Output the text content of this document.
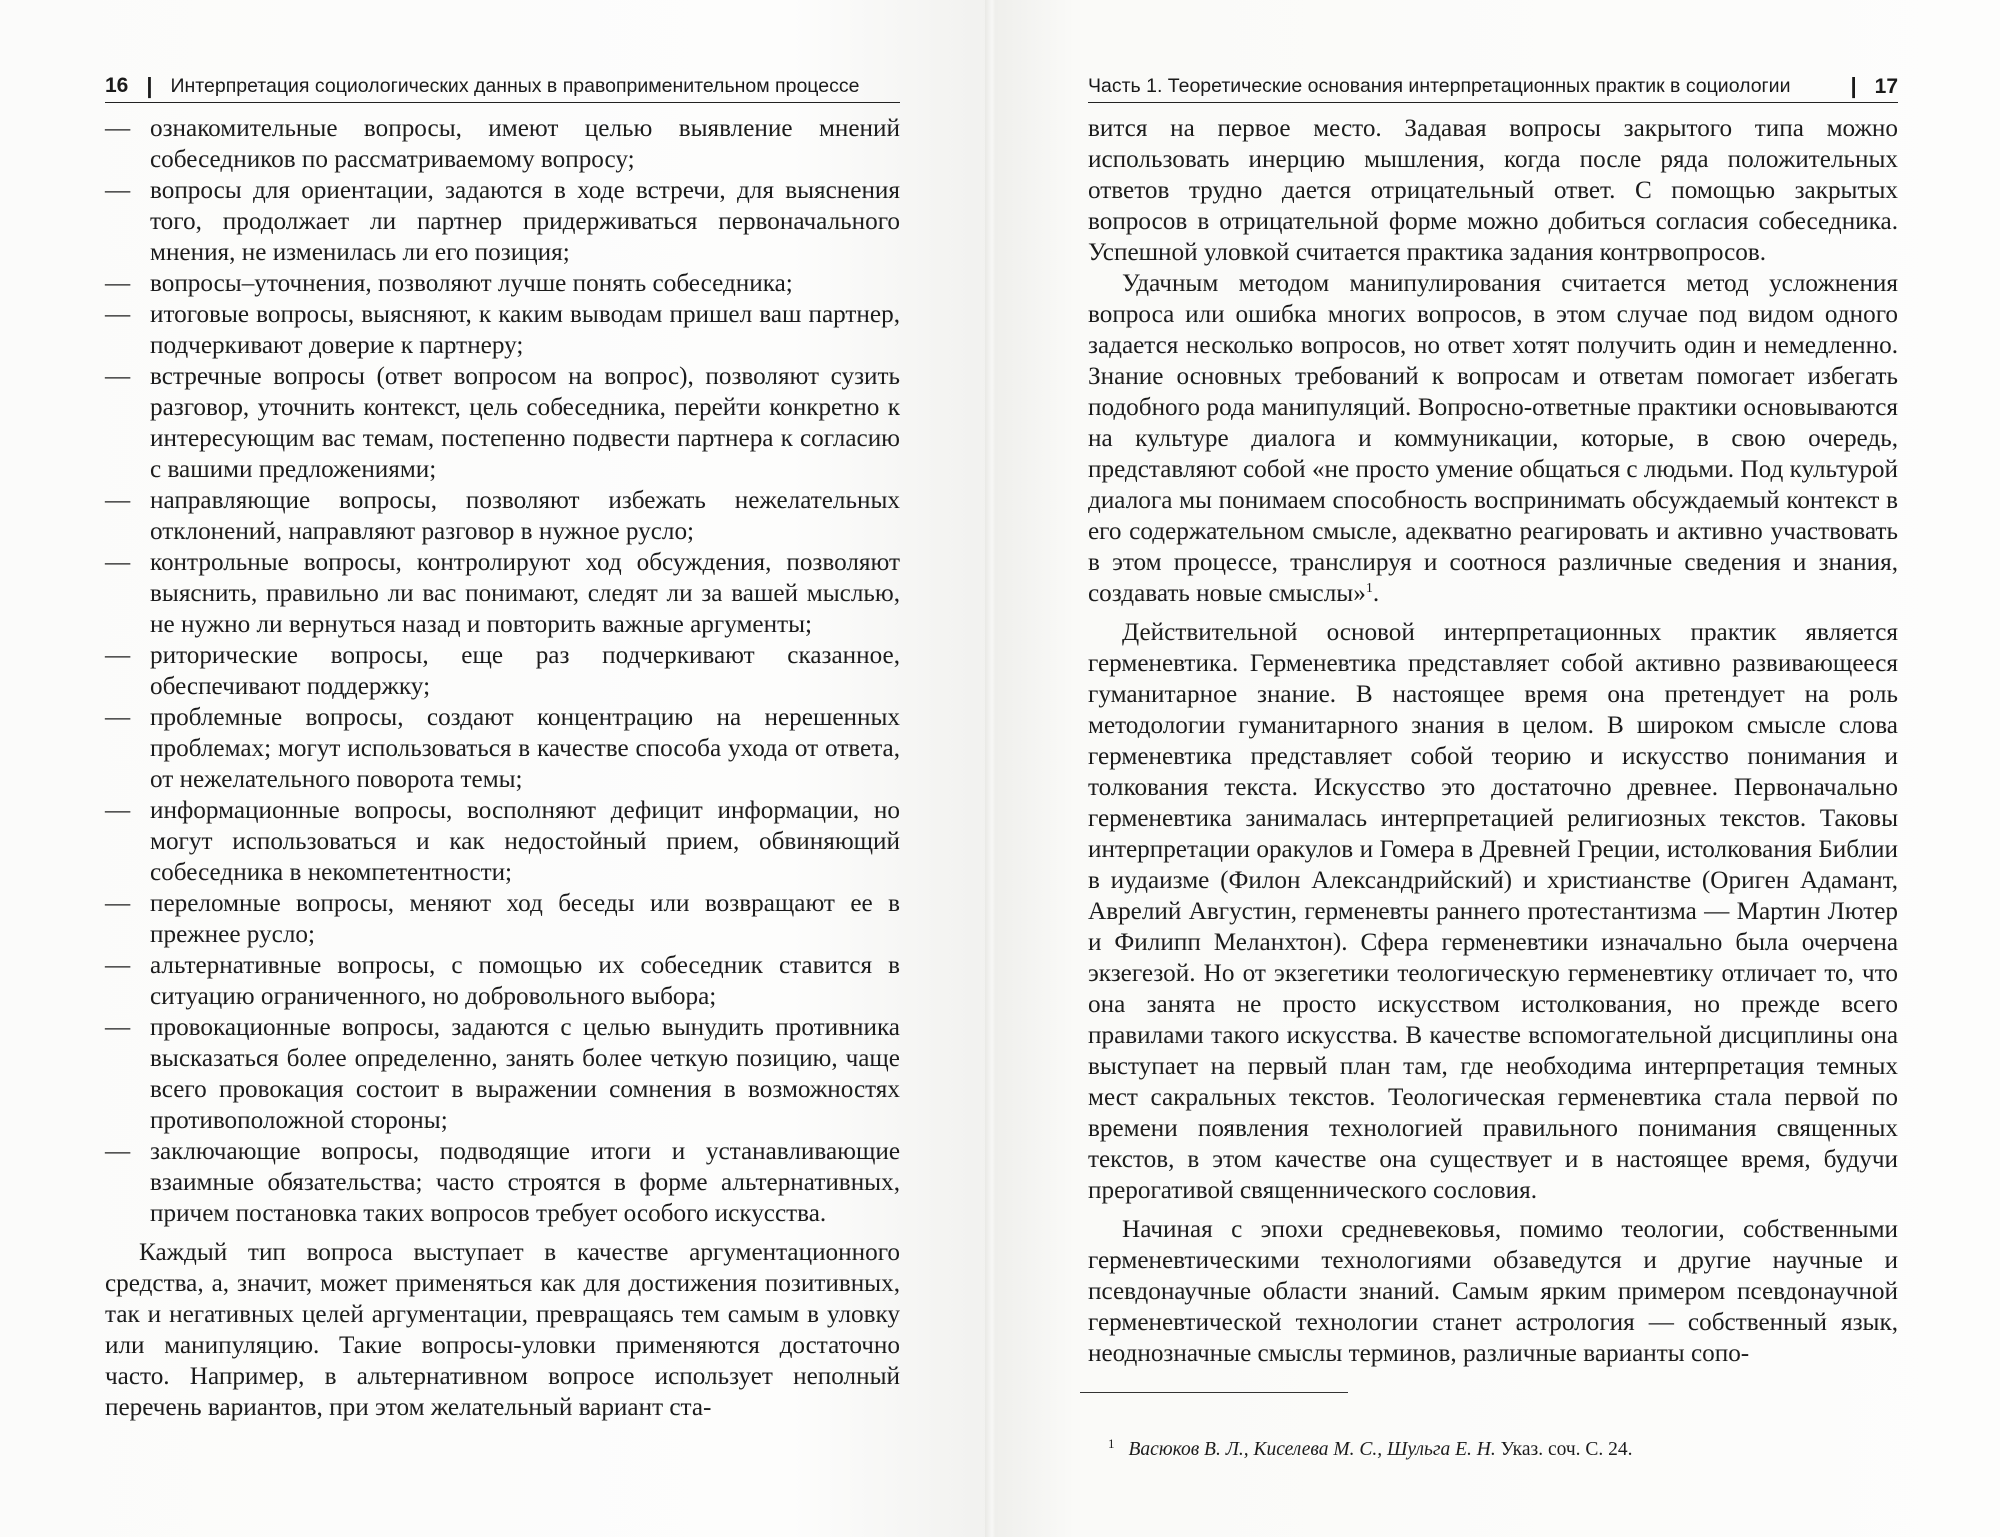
16 | Интерпретация социологических данных в правоприменительном процессе

— ознакомительные вопросы, имеют целью выявление мнений собеседников по рассматриваемому вопросу;

— вопросы для ориентации, задаются в ходе встречи, для выяснения того, продолжает ли партнер придерживаться первоначального мнения, не изменилась ли его позиция;

— вопросы–уточнения, позволяют лучше понять собеседника;

— итоговые вопросы, выясняют, к каким выводам пришел ваш партнер, подчеркивают доверие к партнеру;

— встречные вопросы (ответ вопросом на вопрос), позволяют сузить разговор, уточнить контекст, цель собеседника, перейти конкретно к интересующим вас темам, постепенно подвести партнера к согласию с вашими предложениями;

— направляющие вопросы, позволяют избежать нежелательных отклонений, направляют разговор в нужное русло;

— контрольные вопросы, контролируют ход обсуждения, позволяют выяснить, правильно ли вас понимают, следят ли за вашей мыслью, не нужно ли вернуться назад и повторить важные аргументы;

— риторические вопросы, еще раз подчеркивают сказанное, обеспечивают поддержку;

— проблемные вопросы, создают концентрацию на нерешенных проблемах; могут использоваться в качестве способа ухода от ответа, от нежелательного поворота темы;

— информационные вопросы, восполняют дефицит информации, но могут использоваться и как недостойный прием, обвиняющий собеседника в некомпетентности;

— переломные вопросы, меняют ход беседы или возвращают ее в прежнее русло;

— альтернативные вопросы, с помощью их собеседник ставится в ситуацию ограниченного, но добровольного выбора;

— провокационные вопросы, задаются с целью вынудить противника высказаться более определенно, занять более четкую позицию, чаще всего провокация состоит в выражении сомнения в возможностях противоположной стороны;

— заключающие вопросы, подводящие итоги и устанавливающие взаимные обязательства; часто строятся в форме альтернативных, причем постановка таких вопросов требует особого искусства.

Каждый тип вопроса выступает в качестве аргументационного средства, а, значит, может применяться как для достижения позитивных, так и негативных целей аргументации, превращаясь тем самым в уловку или манипуляцию. Такие вопросы-уловки применяются достаточно часто. Например, в альтернативном вопросе использует неполный перечень вариантов, при этом желательный вариант ста-

Часть 1. Теоретические основания интерпретационных практик в социологии	| 17

вится на первое место. Задавая вопросы закрытого типа можно использовать инерцию мышления, когда после ряда положительных ответов трудно дается отрицательный ответ. С помощью закрытых вопросов в отрицательной форме можно добиться согласия собеседника. Успешной уловкой считается практика задания контрвопросов.

Удачным методом манипулирования считается метод усложнения вопроса или ошибка многих вопросов, в этом случае под видом одного задается несколько вопросов, но ответ хотят получить один и немедленно. Знание основных требований к вопросам и ответам помогает избегать подобного рода манипуляций. Вопросно-ответные практики основываются на культуре диалога и коммуникации, которые, в свою очередь, представляют собой «не просто умение общаться с людьми. Под культурой диалога мы понимаем способность воспринимать обсуждаемый контекст в его содержательном смысле, адекватно реагировать и активно участвовать в этом процессе, транслируя и соотнося различные сведения и знания, создавать новые смыслы»$^1$.

Действительной основой интерпретационных практик является герменевтика. Герменевтика представляет собой активно развивающееся гуманитарное знание. В настоящее время она претендует на роль методологии гуманитарного знания в целом. В широком смысле слова герменевтика представляет собой теорию и искусство понимания и толкования текста. Искусство это достаточно древнее. Первоначально герменевтика занималась интерпретацией религиозных текстов. Таковы интерпретации оракулов и Гомера в Древней Греции, истолкования Библии в иудаизме (Филон Александрийский) и христианстве (Ориген Адамант, Аврелий Августин, герменевты раннего протестантизма — Мартин Лютер и Филипп Меланхтон). Сфера герменевтики изначально была очерчена экзегезой. Но от экзегетики теологическую герменевтику отличает то, что она занята не просто искусством истолкования, но прежде всего правилами такого искусства. В качестве вспомогательной дисциплины она выступает на первый план там, где необходима интерпретация темных мест сакральных текстов. Теологическая герменевтика стала первой по времени появления технологией правильного понимания священных текстов, в этом качестве она существует и в настоящее время, будучи прерогативой священнического сословия.

Начиная с эпохи средневековья, помимо теологии, собственными герменевтическими технологиями обзаведутся и другие научные и псевдонаучные области знаний. Самым ярким примером псевдонаучной герменевтической технологии станет астрология — собственный язык, неоднозначные смыслы терминов, различные варианты сопо-

$^1$ Васюков В. Л., Киселева М. С., Шульга Е. Н. Указ. соч. С. 24.
